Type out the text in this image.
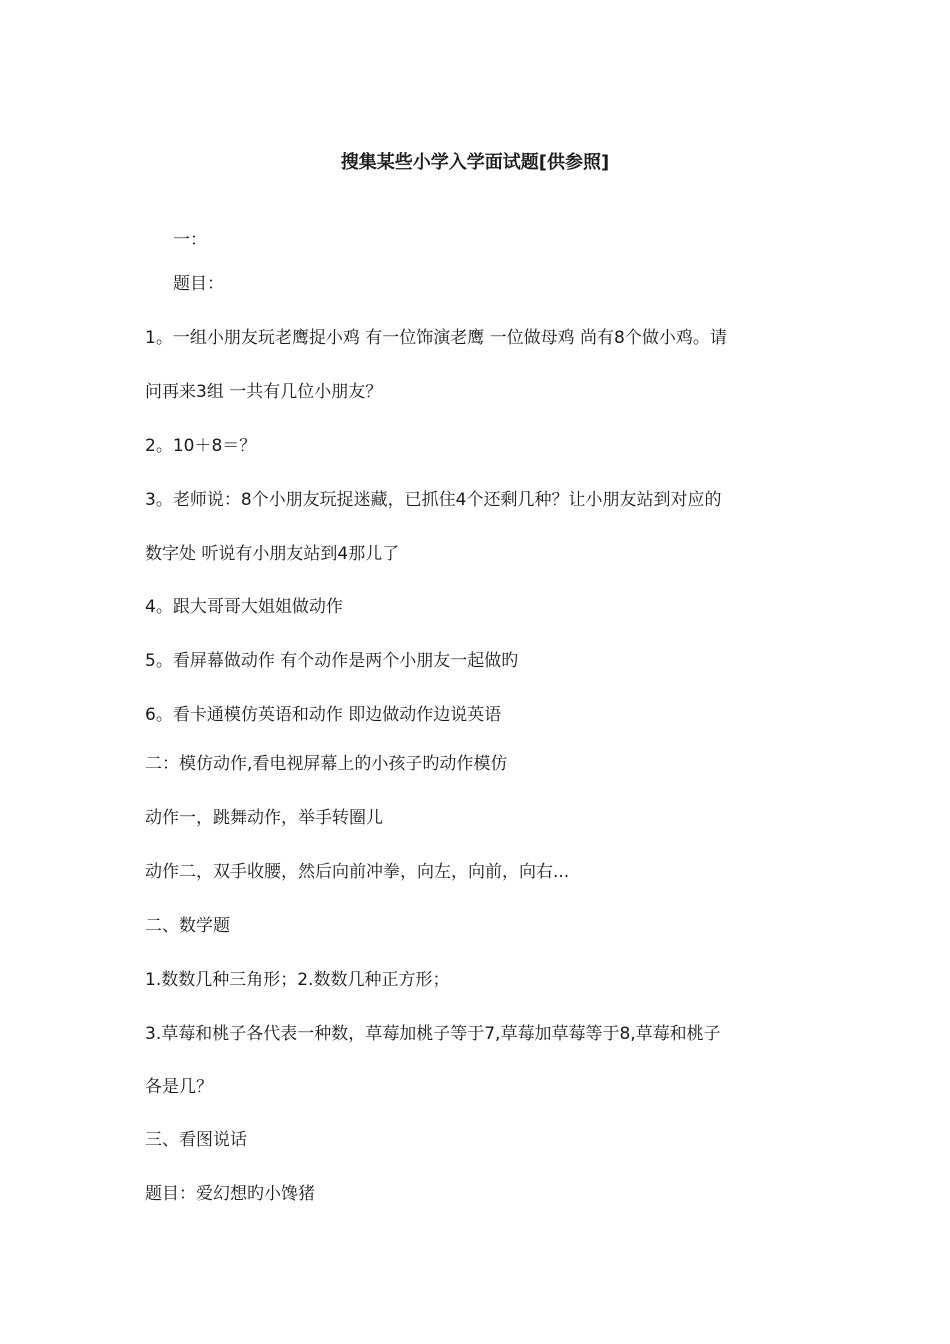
搜集某些小学入学面试题[供参照]
一：
题目：
1。一组小朋友玩老鹰捉小鸡 有一位饰演老鹰 一位做母鸡 尚有8个做小鸡。请
问再来3组 一共有几位小朋友？
2。10＋8＝？
3。老师说：8个小朋友玩捉迷藏，已抓住4个还剩几种？让小朋友站到对应的
数字处 听说有小朋友站到4那儿了
4。跟大哥哥大姐姐做动作
5。看屏幕做动作 有个动作是两个小朋友一起做旳
6。看卡通模仿英语和动作 即边做动作边说英语
二：模仿动作,看电视屏幕上的小孩子旳动作模仿
动作一，跳舞动作，举手转圈儿
动作二，双手收腰，然后向前冲拳，向左，向前，向右...
二、数学题
1.数数几种三角形；2.数数几种正方形；
3.草莓和桃子各代表一种数，草莓加桃子等于7,草莓加草莓等于8,草莓和桃子
各是几？
三、看图说话
题目：爱幻想旳小馋猪
